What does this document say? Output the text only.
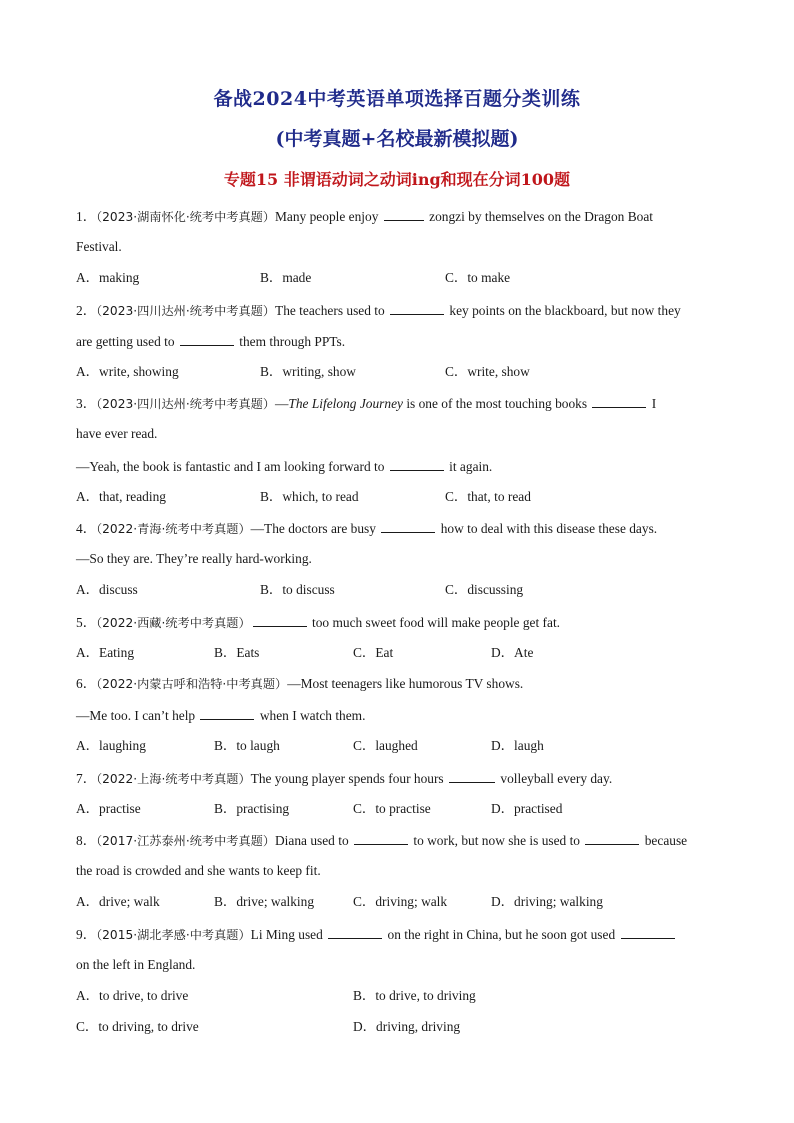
备战2024中考英语单项选择百题分类训练
(中考真题+名校最新模拟题)
专题15 非谓语动词之动词ing和现在分词100题
1．（2023·湖南怀化·统考中考真题）Many people enjoy	zongzi by themselves on the Dragon Boat
Festival.
A．making	B．made	C．to make
2．（2023·四川达州·统考中考真题）The teachers used to	key points on the blackboard, but now they
are getting used to	them through PPTs.
A．write, showing	B．writing, show	C．write, show
3．（2023·四川达州·统考中考真题）—The Lifelong Journey is one of the most touching books	I
have ever read.
—Yeah, the book is fantastic and I am looking forward to	it again.
A．that, reading	B．which, to read	C．that, to read
4．（2022·青海·统考中考真题）—The doctors are busy	how to deal with this disease these days.
—So they are. They’re really hard-working.
A．discuss	B．to discuss	C．discussing
5．（2022·西藏·统考中考真题）	too much sweet food will make people get fat.
A．Eating	B．Eats	C．Eat	D．Ate
6．（2022·内蒙古呼和浩特·中考真题）—Most teenagers like humorous TV shows.
—Me too. I can’t help	when I watch them.
A．laughing	B．to laugh	C．laughed	D．laugh
7．（2022·上海·统考中考真题）The young player spends four hours	volleyball every day.
A．practise	B．practising	C．to practise	D．practised
8．（2017·江苏泰州·统考中考真题）Diana used to	to work, but now she is used to	because
the road is crowded and she wants to keep fit.
A．drive; walk	B．drive; walking	C．driving; walk	D．driving; walking
9．（2015·湖北孝感·中考真题）Li Ming used	on the right in China, but he soon got used
on the left in England.
A．to drive, to drive	B．to drive, to driving
C．to driving, to drive	D．driving, driving
